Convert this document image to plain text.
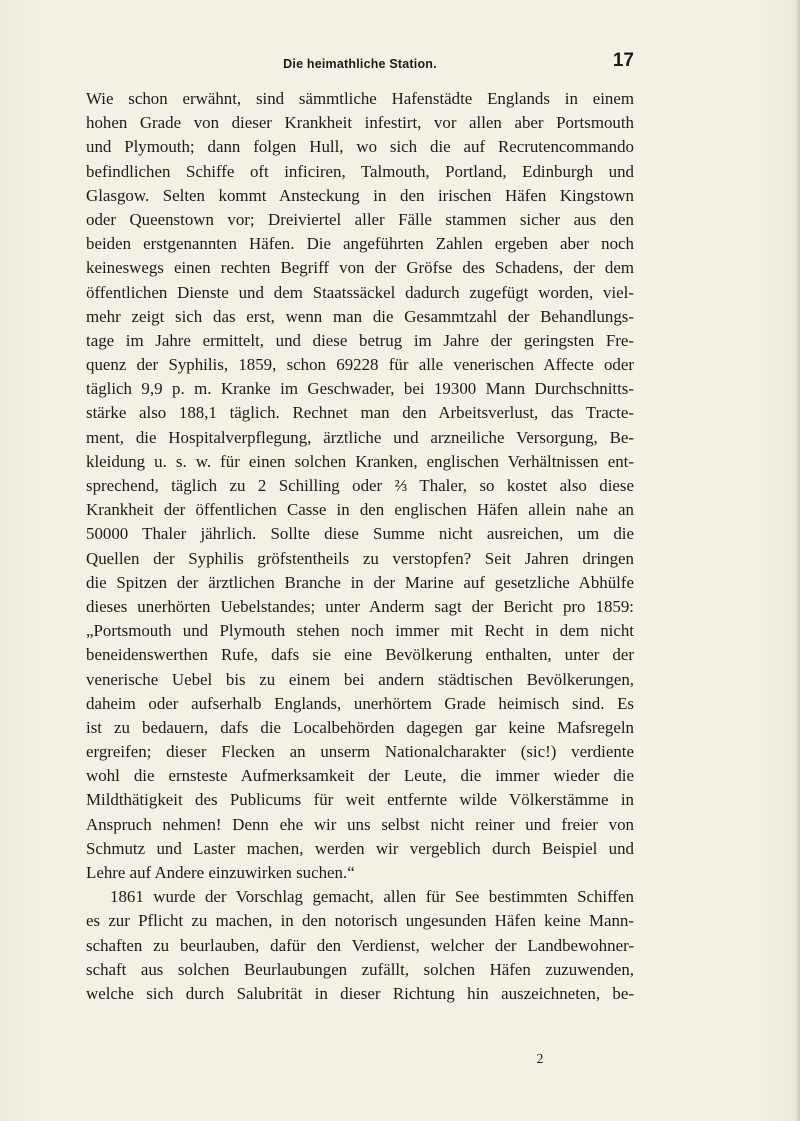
Die heimathliche Station.	17
Wie schon erwähnt, sind sämmtliche Hafenstädte Englands in einem
hohen Grade von dieser Krankheit infestirt, vor allen aber Portsmouth
und Plymouth; dann folgen Hull, wo sich die auf Recrutencommando
befindlichen Schiffe oft inficiren, Talmouth, Portland, Edinburgh und
Glasgow. Selten kommt Ansteckung in den irischen Häfen Kingstown
oder Queenstown vor; Dreiviertel aller Fälle stammen sicher aus den
beiden erstgenannten Häfen. Die angeführten Zahlen ergeben aber noch
keineswegs einen rechten Begriff von der Gröfse des Schadens, der dem
öffentlichen Dienste und dem Staatssäckel dadurch zugefügt worden, viel-
mehr zeigt sich das erst, wenn man die Gesammtzahl der Behandlungs-
tage im Jahre ermittelt, und diese betrug im Jahre der geringsten Fre-
quenz der Syphilis, 1859, schon 69228 für alle venerischen Affecte oder
täglich 9,9 p. m. Kranke im Geschwader, bei 19300 Mann Durchschnitts-
stärke also 188,1 täglich. Rechnet man den Arbeitsverlust, das Tracte-
ment, die Hospitalverpflegung, ärztliche und arzneiliche Versorgung, Be-
kleidung u. s. w. für einen solchen Kranken, englischen Verhältnissen ent-
sprechend, täglich zu 2 Schilling oder ⅔ Thaler, so kostet also diese
Krankheit der öffentlichen Casse in den englischen Häfen allein nahe an
50000 Thaler jährlich. Sollte diese Summe nicht ausreichen, um die
Quellen der Syphilis gröfstentheils zu verstopfen? Seit Jahren dringen
die Spitzen der ärztlichen Branche in der Marine auf gesetzliche Abhülfe
dieses unerhörten Uebelstandes; unter Anderm sagt der Bericht pro 1859:
„Portsmouth und Plymouth stehen noch immer mit Recht in dem nicht
beneidenswerthen Rufe, dafs sie eine Bevölkerung enthalten, unter der
venerische Uebel bis zu einem bei andern städtischen Bevölkerungen,
daheim oder aufserhalb Englands, unerhörtem Grade heimisch sind. Es
ist zu bedauern, dafs die Localbehörden dagegen gar keine Mafsregeln
ergreifen; dieser Flecken an unserm Nationalcharakter (sic!) verdiente
wohl die ernsteste Aufmerksamkeit der Leute, die immer wieder die
Mildthätigkeit des Publicums für weit entfernte wilde Völkerstämme in
Anspruch nehmen! Denn ehe wir uns selbst nicht reiner und freier von
Schmutz und Laster machen, werden wir vergeblich durch Beispiel und
Lehre auf Andere einzuwirken suchen.“
1861 wurde der Vorschlag gemacht, allen für See bestimmten Schiffen
es zur Pflicht zu machen, in den notorisch ungesunden Häfen keine Mann-
schaften zu beurlauben, dafür den Verdienst, welcher der Landbewohner-
schaft aus solchen Beurlaubungen zufällt, solchen Häfen zuzuwenden,
welche sich durch Salubrität in dieser Richtung hin auszeichneten, be-
2
